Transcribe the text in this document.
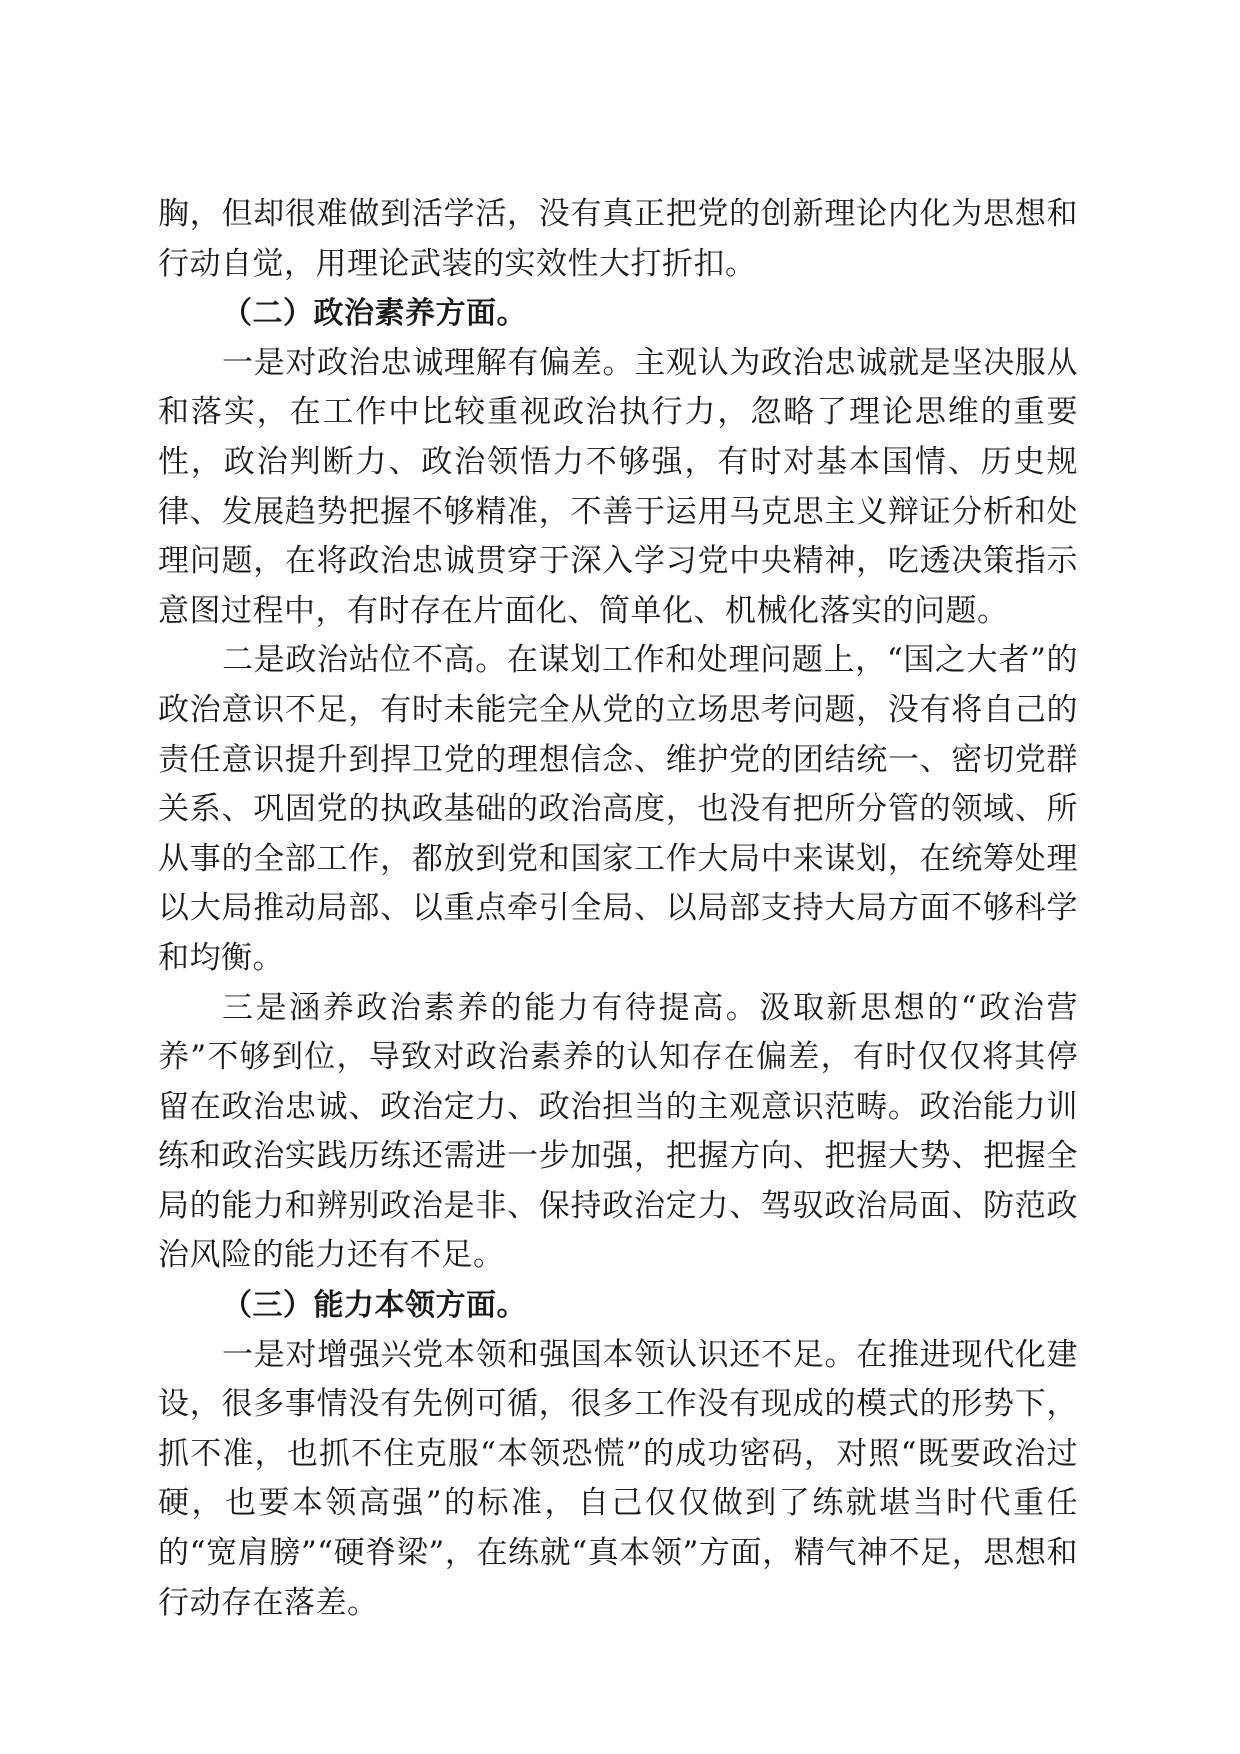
胸，但却很难做到活学活，没有真正把党的创新理论内化为思想和行动自觉，用理论武装的实效性大打折扣。

（二）政治素养方面。

一是对政治忠诚理解有偏差。主观认为政治忠诚就是坚决服从和落实，在工作中比较重视政治执行力，忽略了理论思维的重要性，政治判断力、政治领悟力不够强，有时对基本国情、历史规律、发展趋势把握不够精准，不善于运用马克思主义辩证分析和处理问题，在将政治忠诚贯穿于深入学习党中央精神，吃透决策指示意图过程中，有时存在片面化、简单化、机械化落实的问题。

二是政治站位不高。在谋划工作和处理问题上，“国之大者”的政治意识不足，有时未能完全从党的立场思考问题，没有将自己的责任意识提升到捍卫党的理想信念、维护党的团结统一、密切党群关系、巩固党的执政基础的政治高度，也没有把所分管的领域、所从事的全部工作，都放到党和国家工作大局中来谋划，在统筹处理以大局推动局部、以重点牵引全局、以局部支持大局方面不够科学和均衡。

三是涵养政治素养的能力有待提高。汲取新思想的“政治营养”不够到位，导致对政治素养的认知存在偏差，有时仅仅将其停留在政治忠诚、政治定力、政治担当的主观意识范畴。政治能力训练和政治实践历练还需进一步加强，把握方向、把握大势、把握全局的能力和辨别政治是非、保持政治定力、驾驭政治局面、防范政治风险的能力还有不足。

（三）能力本领方面。

一是对增强兴党本领和强国本领认识还不足。在推进现代化建设，很多事情没有先例可循，很多工作没有现成的模式的形势下，抓不准，也抓不住克服“本领恐慌”的成功密码，对照“既要政治过硬，也要本领高强”的标准，自己仅仅做到了练就堪当时代重任的“宽肩膀”“硬脊梁”，在练就“真本领”方面，精气神不足，思想和行动存在落差。
